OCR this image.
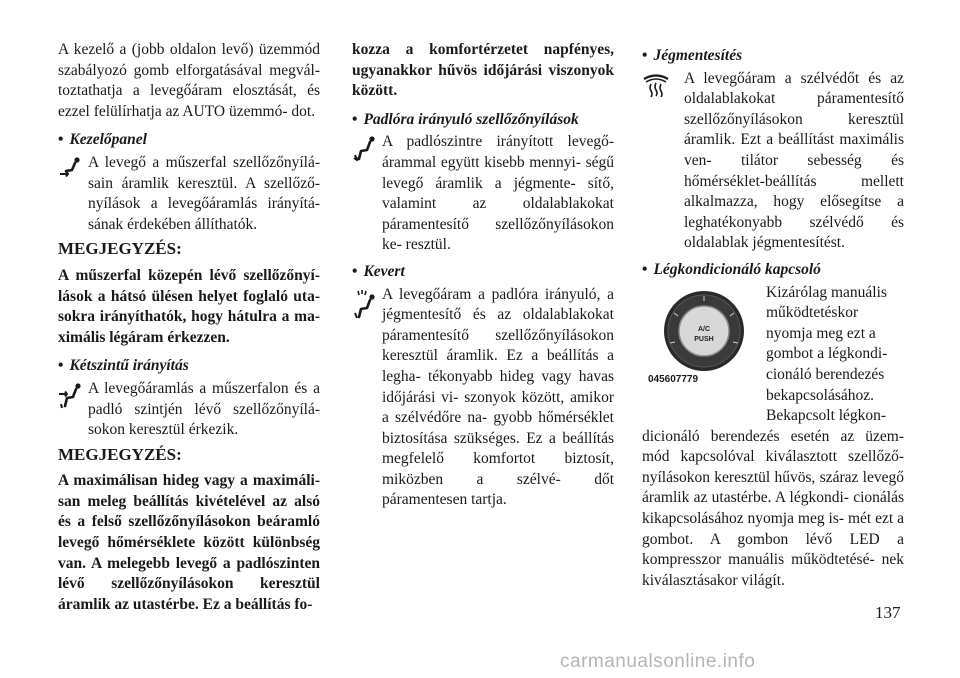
A kezelő a (jobb oldalon levő) üzemmód szabályozó gomb elforgatásával megvál- toztathatja a levegőáram elosztását, és ezzel felülírhatja az AUTO üzemmó- dot.

• Kezelőpanel

A levegő a műszerfal szellőzőnyílá- sain áramlik keresztül. A szellőző- nyílások a levegőáramlás irányítá- sának érdekében állíthatók.

MEGJEGYZÉS:

A műszerfal közepén lévő szellőzőnyí- lások a hátsó ülésen helyet foglaló uta- sokra irányíthatók, hogy hátulra a ma- ximális légáram érkezzen.

• Kétszintű irányítás

A levegőáramlás a műszerfalon és a padló szintjén lévő szellőzőnyílá- sokon keresztül érkezik.

MEGJEGYZÉS:

A maximálisan hideg vagy a maximáli- san meleg beállítás kivételével az alsó és a felső szellőzőnyílásokon beáramló levegő hőmérséklete között különbség van. A melegebb levegő a padlószinten lévő szellőzőnyílásokon keresztül áramlik az utastérbe. Ez a beállítás fo-

kozza a komfortérzetet napfényes, ugyanakkor hűvös időjárási viszonyok között.

• Padlóra irányuló szellőzőnyílások

A padlószintre irányított levegő- árammal együtt kisebb mennyi- ségű levegő áramlik a jégmente- sítő, valamint az oldalablakokat páramentesítő szellőzőnyílásokon ke- resztül.

• Kevert

A levegőáram a padlóra irányuló, a jégmentesítő és az oldalablakokat páramentesítő szellőzőnyílásokon keresztül áramlik. Ez a beállítás a legha- tékonyabb hideg vagy havas időjárási vi- szonyok között, amikor a szélvédőre na- gyobb hőmérséklet biztosítása szükséges. Ez a beállítás megfelelő komfortot biztosít, miközben a szélvé- dőt páramentesen tartja.

• Jégmentesítés

A levegőáram a szélvédőt és az oldalablakokat páramentesítő szellőzőnyílásokon keresztül áramlik. Ezt a beállítást maximális ven- tilátor sebesség és hőmérséklet-beállítás mellett alkalmazza, hogy elősegítse a leghatékonyabb szélvédő és oldalablak jégmentesítést.

• Légkondicionáló kapcsoló
A/C
PUSH
045607779

Kizárólag manuális működtetéskor nyomja meg ezt a gombot a légkondi- cionáló berendezés bekapcsolásához. Bekapcsolt légkon-

dicionáló berendezés esetén az üzem- mód kapcsolóval kiválasztott szellőző- nyílásokon keresztül hűvös, száraz levegő áramlik az utastérbe. A légkondi- cionálás kikapcsolásához nyomja meg is- mét ezt a gombot. A gombon lévő LED a kompresszor manuális működtetésé- nek kiválasztásakor világít.

137
carmanualsonline.info
